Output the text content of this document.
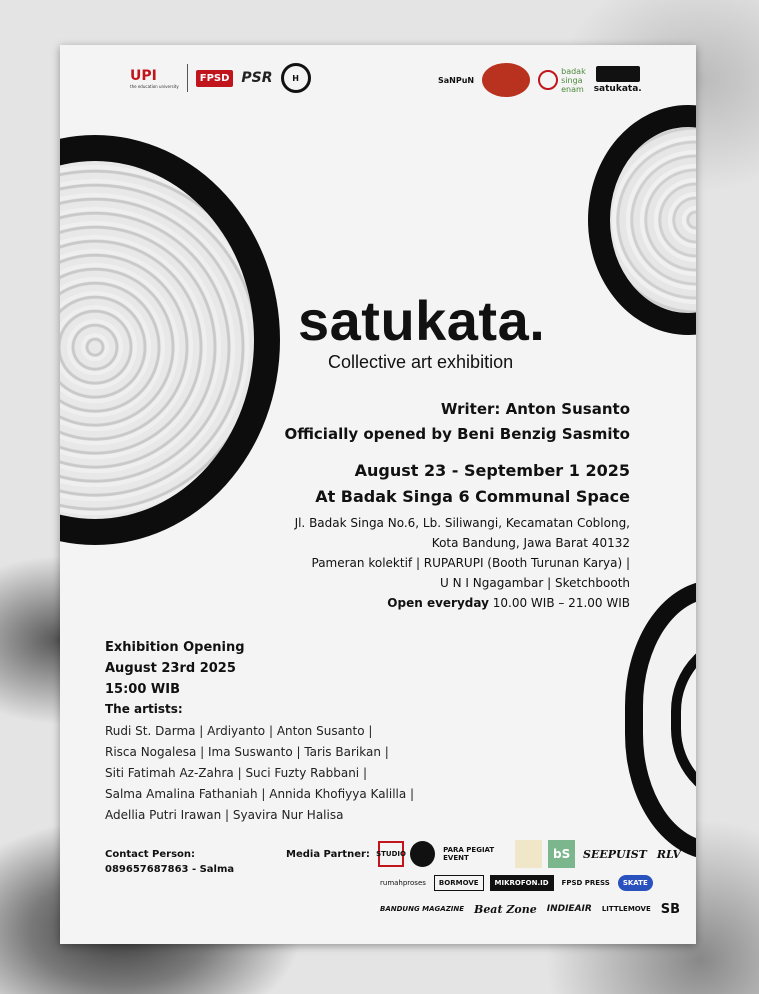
UPI
the education university
FPSD PSR	H	SaNPuN
badak
singa
enam satukata.
satukata.
Collective art exhibition
Writer: Anton Susanto
Officially opened by Beni Benzig Sasmito
August 23 - September 1 2025
At Badak Singa 6 Communal Space
Jl. Badak Singa No.6, Lb. Siliwangi, Kecamatan Coblong,
Kota Bandung, Jawa Barat 40132
Pameran kolektif | RUPARUPI (Booth Turunan Karya) |
U N I Ngagambar | Sketchbooth
Open everyday 10.00 WIB – 21.00 WIB
Exhibition Opening
August 23rd 2025
15:00 WIB
The artists:
Rudi St. Darma | Ardiyanto | Anton Susanto |
Risca Nogalesa | Ima Suswanto | Taris Barikan |
Siti Fatimah Az-Zahra | Suci Fuzty Rabbani |
Salma Amalina Fathaniah | Annida Khofiyya Kalilla |
Adellia Putri Irawan | Syavira Nur Halisa
Contact Person:
089657687863 - Salma
Media Partner: STUDIO	PARA PEGIAT EVENT	bS	SEEPUIST RLV
rumahproses	BORMOVE	MIKROFON.ID	FPSD PRESS	SKATE
BANDUNG MAGAZINE Beat Zone INDIEAIR LITTLEMOVE SB
